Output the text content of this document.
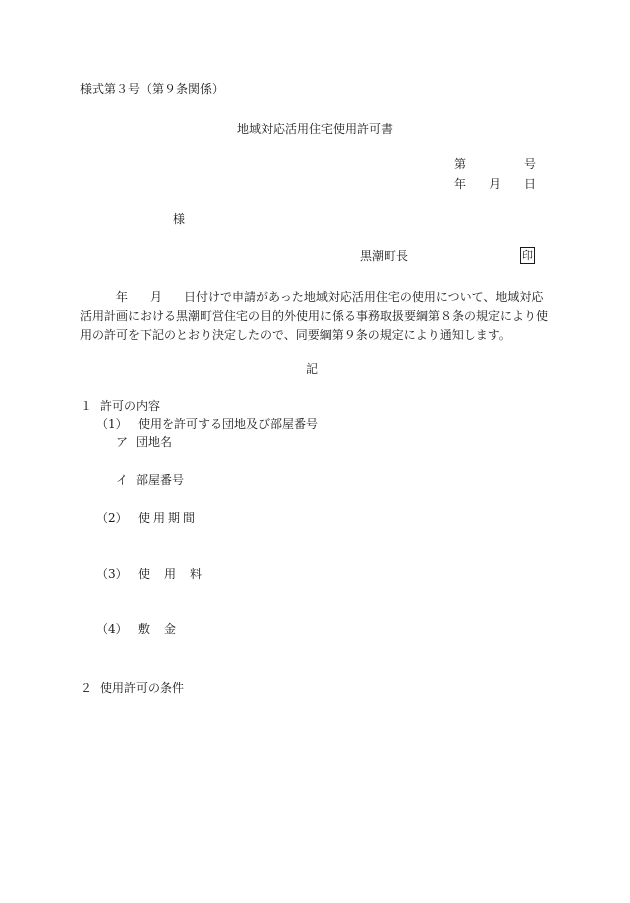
様式第３号（第９条関係）
地域対応活用住宅使用許可書
第	号
年 月 日
様
黒潮町長	印
年 月 日付けで申請があった地域対応活用住宅の使用について、地域対応活用計画における黒潮町営住宅の目的外使用に係る事務取扱要綱第８条の規定により使用の許可を下記のとおり決定したので、同要綱第９条の規定により通知します。
記
１ 許可の内容
（1） 使用を許可する団地及び部屋番号
ア 団地名
イ 部屋番号
（2） 使用期間
（3） 使用料
（4） 敷金
２ 使用許可の条件
